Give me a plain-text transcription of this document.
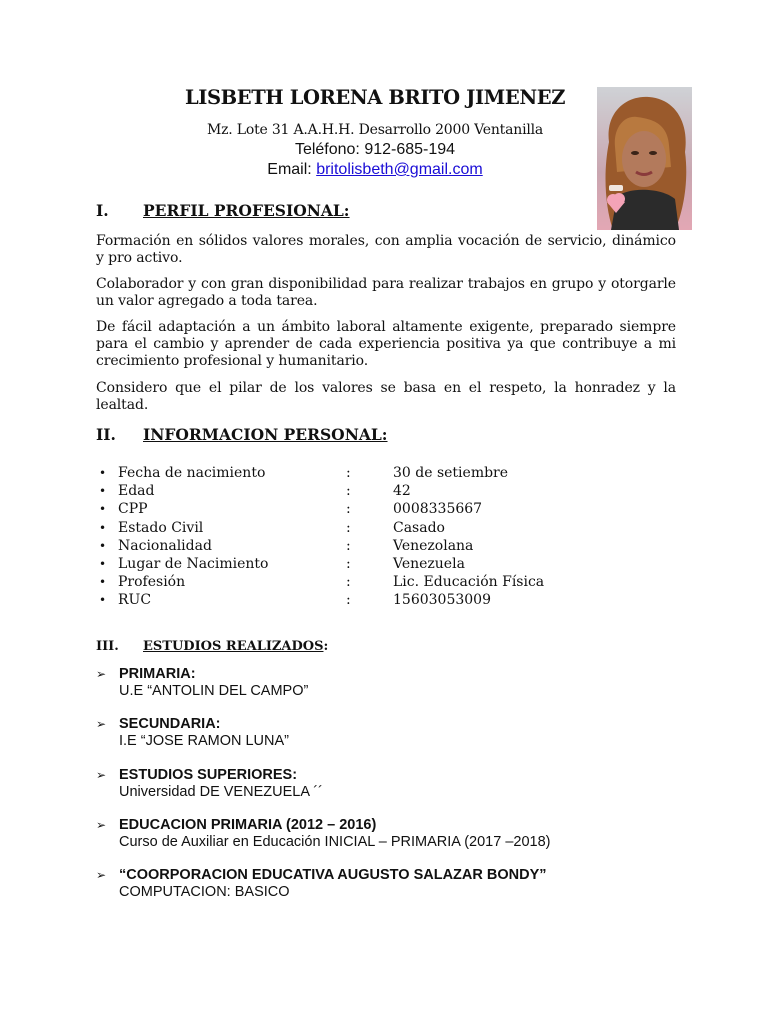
LISBETH LORENA BRITO JIMENEZ
Mz. Lote 31 A.A.H.H. Desarrollo 2000 Ventanilla
Teléfono: 912-685-194
Email: britolisbeth@gmail.com
I. PERFIL PROFESIONAL:
Formación en sólidos valores morales, con amplia vocación de servicio, dinámico y pro activo.
Colaborador y con gran disponibilidad para realizar trabajos en grupo y otorgarle un valor agregado a toda tarea.
De fácil adaptación a un ámbito laboral altamente exigente, preparado siempre para el cambio y aprender de cada experiencia positiva ya que contribuye a mi crecimiento profesional y humanitario.
Considero que el pilar de los valores se basa en el respeto, la honradez y la lealtad.
II. INFORMACION PERSONAL:
• Fecha de nacimiento	:	30 de setiembre
• Edad	:	42
• CPP	:	0008335667
• Estado Civil	:	Casado
• Nacionalidad	:	Venezolana
• Lugar de Nacimiento	:	Venezuela
• Profesión	:	Lic. Educación Física
• RUC	:	15603053009
III. ESTUDIOS REALIZADOS:
➢ PRIMARIA:
U.E “ANTOLIN DEL CAMPO”
➢ SECUNDARIA:
I.E “JOSE RAMON LUNA”
➢ ESTUDIOS SUPERIORES:
Universidad DE VENEZUELA ´´
➢ EDUCACION PRIMARIA (2012 – 2016)
Curso de Auxiliar en Educación INICIAL – PRIMARIA (2017 –2018)
➢ “COORPORACION EDUCATIVA AUGUSTO SALAZAR BONDY”
COMPUTACION: BASICO
